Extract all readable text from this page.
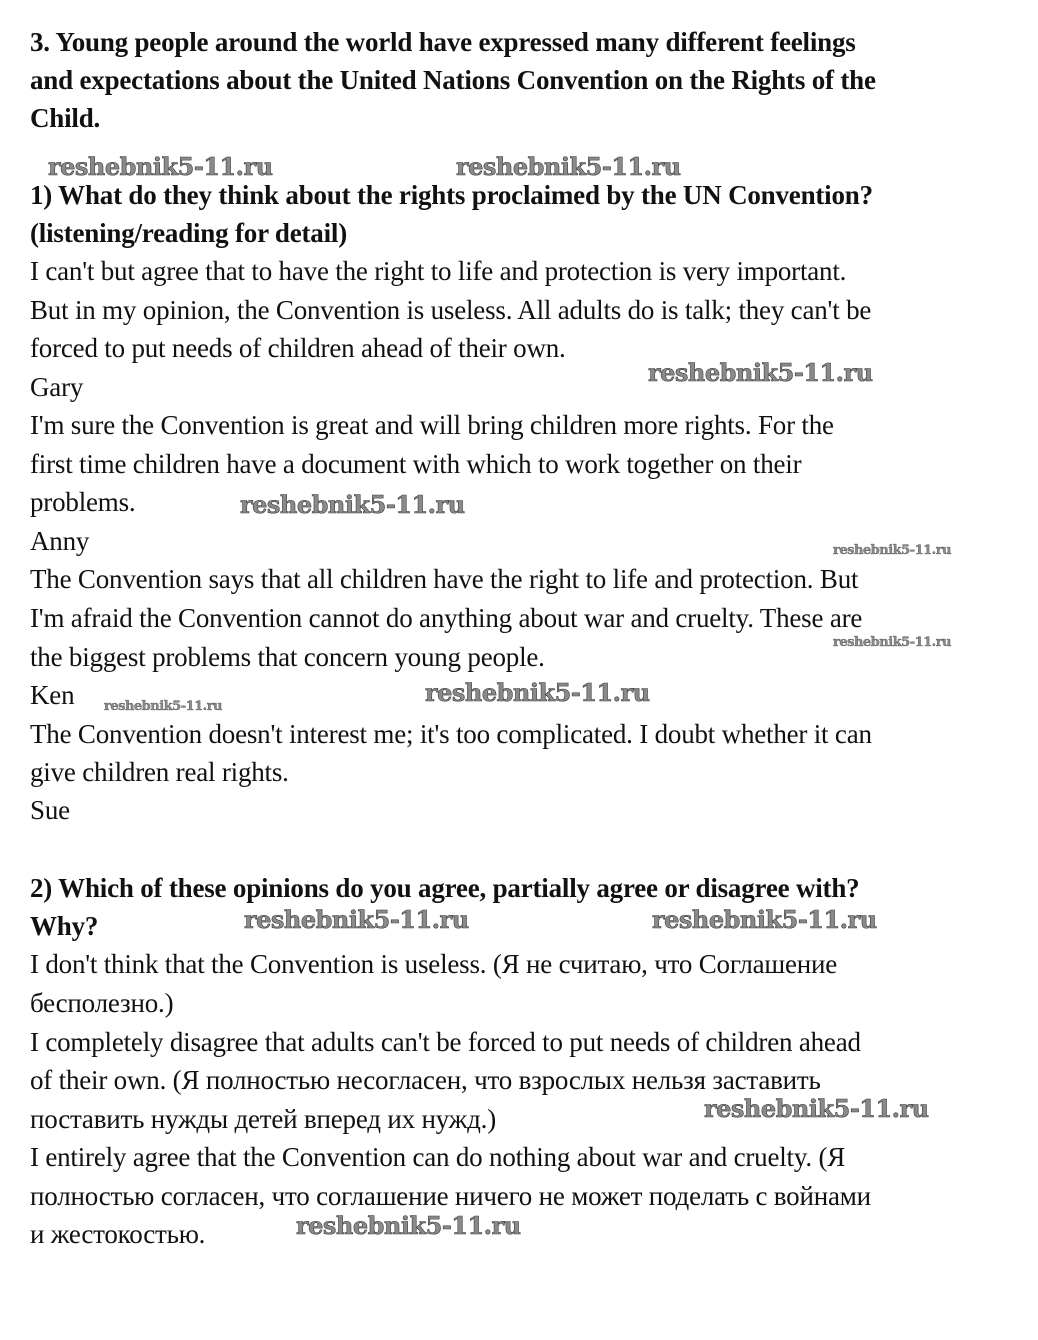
3. Young people around the world have expressed many different feelings
and expectations about the United Nations Convention on the Rights of the
Child.
1) What do they think about the rights proclaimed by the UN Convention?
(listening/reading for detail)
I can't but agree that to have the right to life and protection is very important.
But in my opinion, the Convention is useless. All adults do is talk; they can't be
forced to put needs of children ahead of their own.
Gary
I'm sure the Convention is great and will bring children more rights. For the
first time children have a document with which to work together on their
problems.
Anny
The Convention says that all children have the right to life and protection. But
I'm afraid the Convention cannot do anything about war and cruelty. These are
the biggest problems that concern young people.
Ken
The Convention doesn't interest me; it's too complicated. I doubt whether it can
give children real rights.
Sue
2) Which of these opinions do you agree, partially agree or disagree with?
Why?
I don't think that the Convention is useless. (Я не считаю, что Соглашение
бесполезно.)
I completely disagree that adults can't be forced to put needs of children ahead
of their own. (Я полностью несогласен, что взрослых нельзя заставить
поставить нужды детей вперед их нужд.)
I entirely agree that the Convention can do nothing about war and cruelty. (Я
полностью согласен, что соглашение ничего не может поделать с войнами
и жестокостью.
reshebnik5-11.ru	reshebnik5-11.ru
reshebnik5-11.ru
reshebnik5-11.ru
reshebnik5-11.ru
reshebnik5-11.ru
reshebnik5-11.ru
reshebnik5-11.ru
reshebnik5-11.ru	reshebnik5-11.ru
reshebnik5-11.ru
reshebnik5-11.ru
